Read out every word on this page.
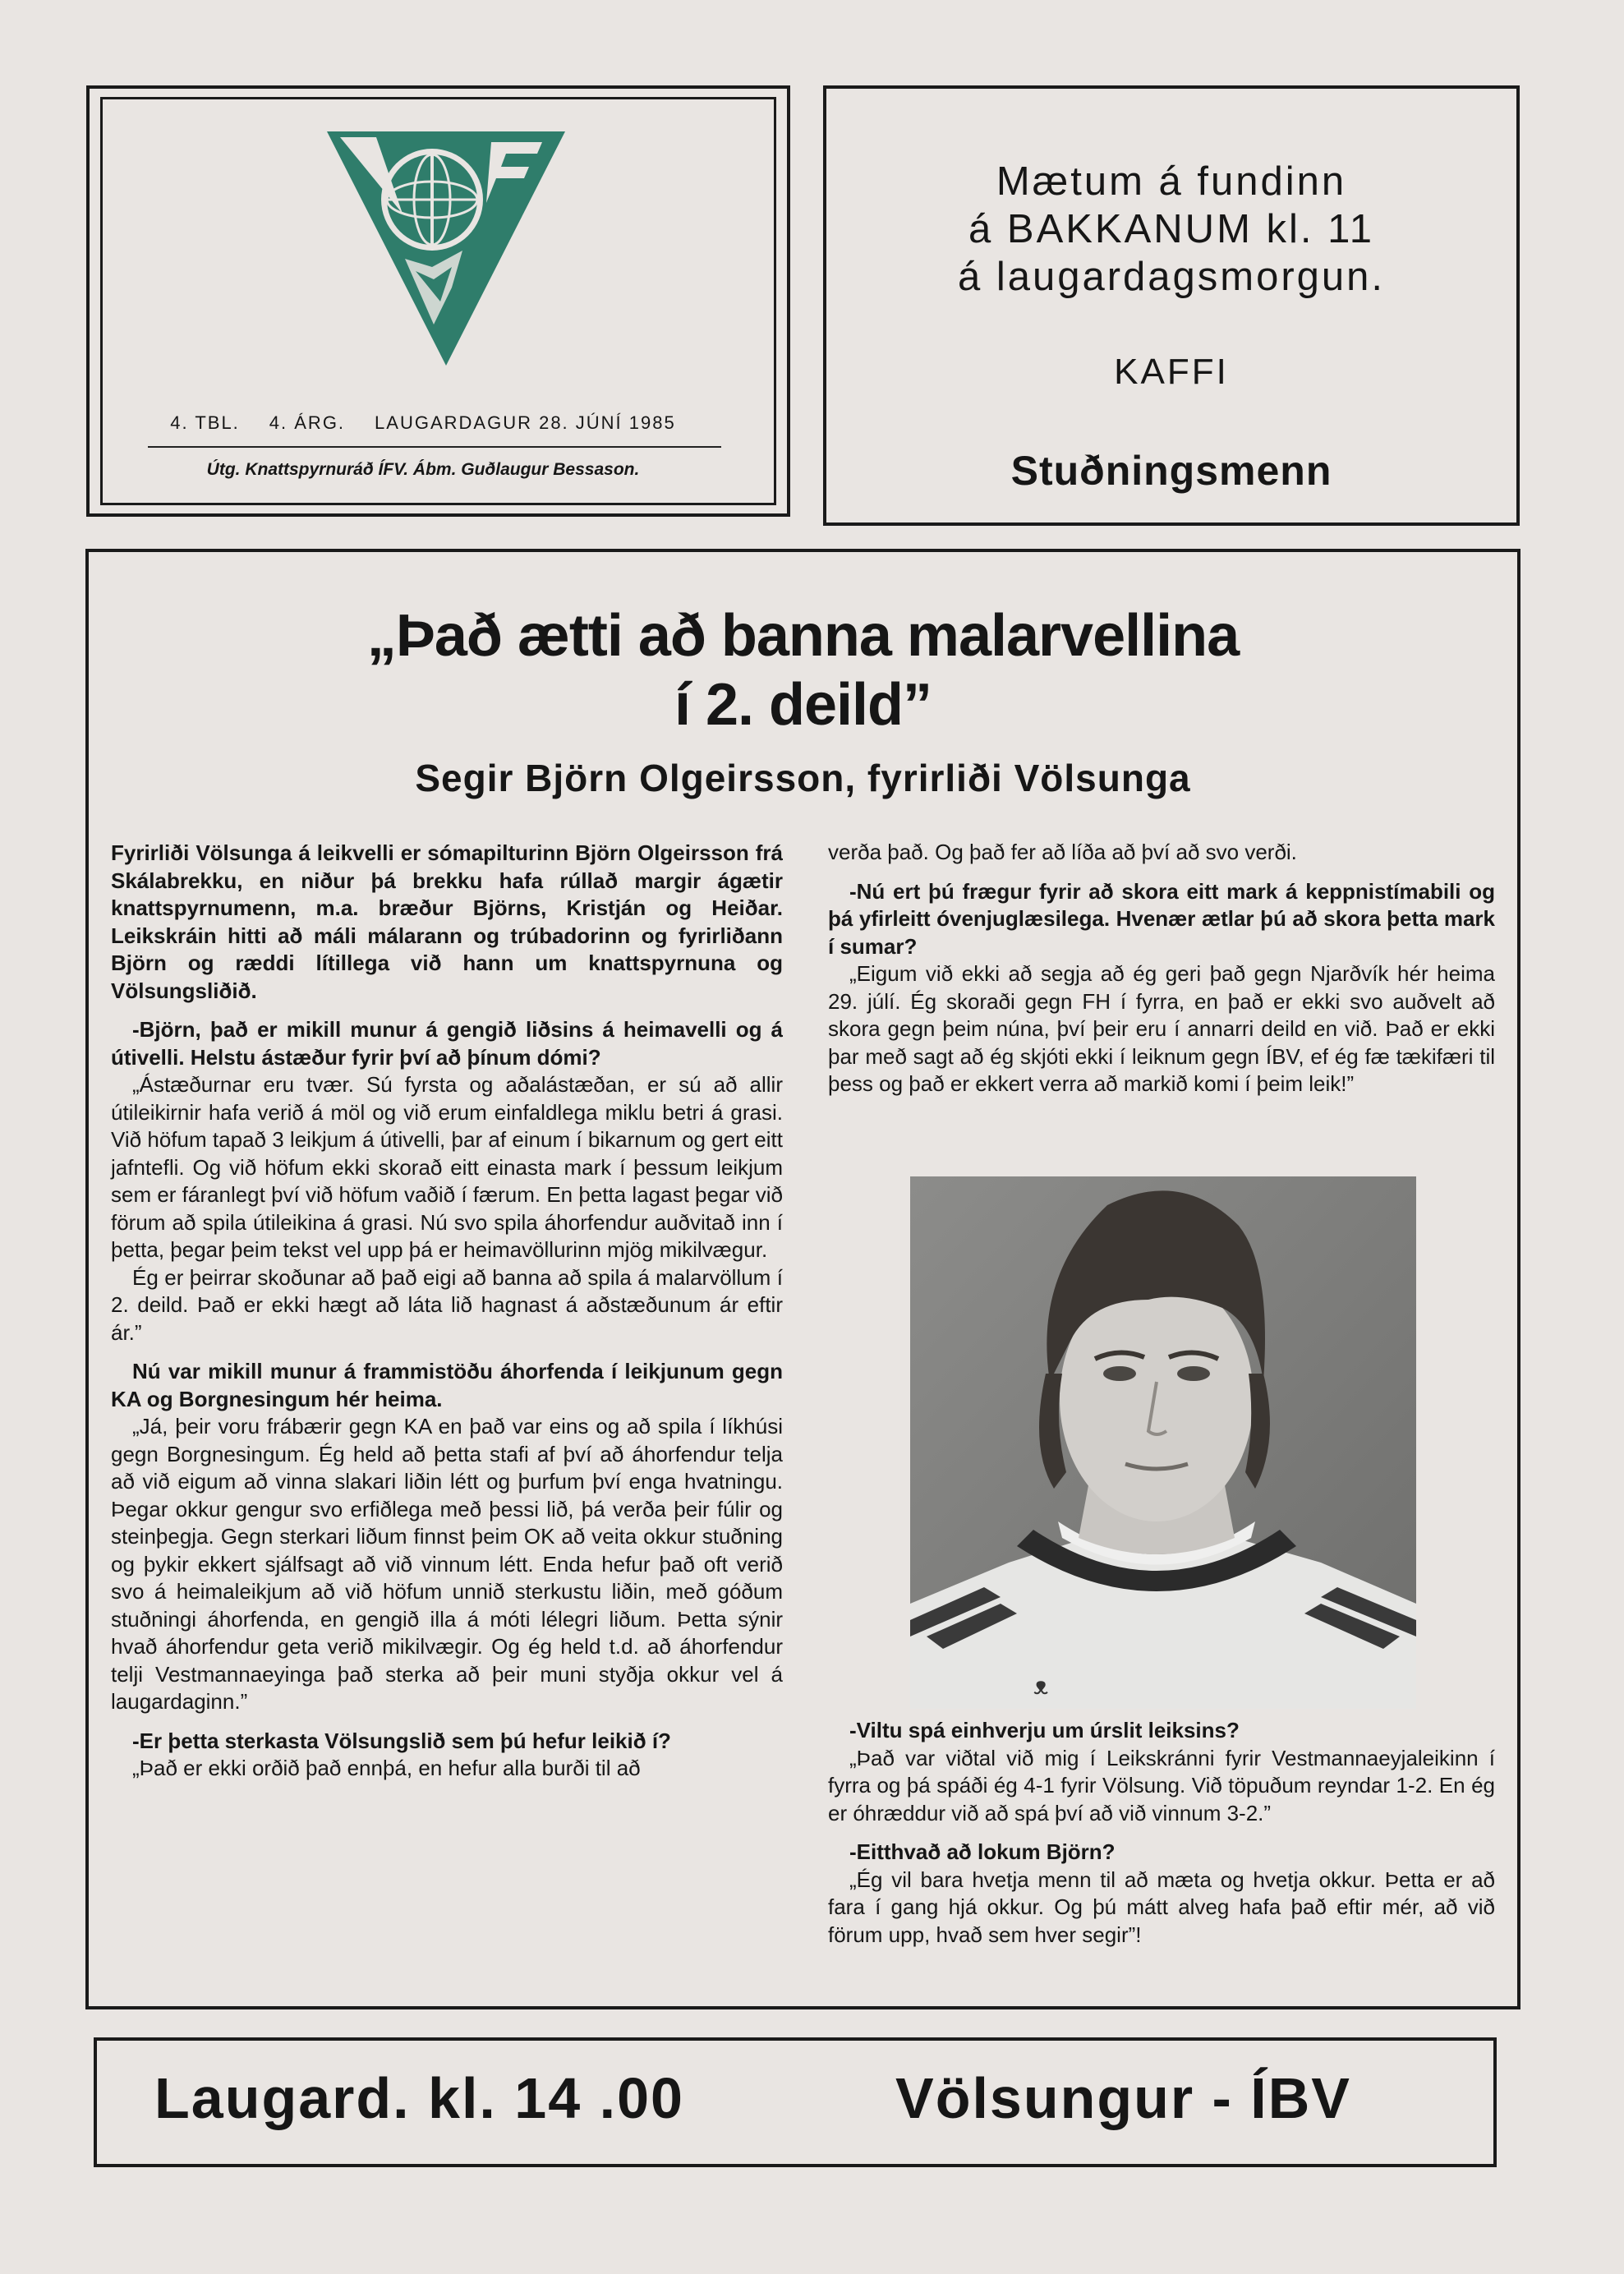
4. TBL. 4. ÁRG. LAUGARDAGUR 28. JÚNÍ 1985
Útg. Knattspyrnuráð ÍFV. Ábm. Guðlaugur Bessason.
Mætum á fundinn
á BAKKANUM kl. 11
á laugardagsmorgun.
KAFFI
Stuðningsmenn
„Það ætti að banna malarvellina
í 2. deild”
Segir Björn Olgeirsson, fyrirliði Völsunga

Fyrirliði Völsunga á leikvelli er sómapilturinn Björn Olgeirsson frá Skálabrekku, en niður þá brekku hafa rúllað margir ágætir knattspyrnumenn, m.a. bræður Björns, Kristján og Heiðar. Leikskráin hitti að máli málarann og trúbadorinn og fyrirliðann Björn og ræddi lítillega við hann um knattspyrnuna og Völsungsliðið.

-Björn, það er mikill munur á gengið liðsins á heimavelli og á útivelli. Helstu ástæður fyrir því að þínum dómi?

„Ástæðurnar eru tvær. Sú fyrsta og aðalástæðan, er sú að allir útileikirnir hafa verið á möl og við erum einfaldlega miklu betri á grasi. Við höfum tapað 3 leikjum á útivelli, þar af einum í bikarnum og gert eitt jafntefli. Og við höfum ekki skorað eitt einasta mark í þessum leikjum sem er fáranlegt því við höfum vaðið í færum. En þetta lagast þegar við förum að spila útileikina á grasi. Nú svo spila áhorfendur auðvitað inn í þetta, þegar þeim tekst vel upp þá er heimavöllurinn mjög mikilvægur.

Ég er þeirrar skoðunar að það eigi að banna að spila á malarvöllum í 2. deild. Það er ekki hægt að láta lið hagnast á aðstæðunum ár eftir ár.”

Nú var mikill munur á frammistöðu áhorfenda í leikjunum gegn KA og Borgnesingum hér heima.

„Já, þeir voru frábærir gegn KA en það var eins og að spila í líkhúsi gegn Borgnesingum. Ég held að þetta stafi af því að áhorfendur telja að við eigum að vinna slakari liðin létt og þurfum því enga hvatningu. Þegar okkur gengur svo erfiðlega með þessi lið, þá verða þeir fúlir og steinþegja. Gegn sterkari liðum finnst þeim OK að veita okkur stuðning og þykir ekkert sjálfsagt að við vinnum létt. Enda hefur það oft verið svo á heimaleikjum að við höfum unnið sterkustu liðin, með góðum stuðningi áhorfenda, en gengið illa á móti lélegri liðum. Þetta sýnir hvað áhorfendur geta verið mikilvægir. Og ég held t.d. að áhorfendur telji Vestmannaeyinga það sterka að þeir muni styðja okkur vel á laugardaginn.”

-Er þetta sterkasta Völsungslið sem þú hefur leikið í?

„Það er ekki orðið það ennþá, en hefur alla burði til að

verða það. Og það fer að líða að því að svo verði.

-Nú ert þú frægur fyrir að skora eitt mark á keppnistímabili og þá yfirleitt óvenjuglæsilega. Hvenær ætlar þú að skora þetta mark í sumar?

„Eigum við ekki að segja að ég geri það gegn Njarðvík hér heima 29. júlí. Ég skoraði gegn FH í fyrra, en það er ekki svo auðvelt að skora gegn þeim núna, því þeir eru í annarri deild en við. Það er ekki þar með sagt að ég skjóti ekki í leiknum gegn ÍBV, ef ég fæ tækifæri til þess og það er ekkert verra að markið komi í þeim leik!”

ᴥ

-Viltu spá einhverju um úrslit leiksins?

„Það var viðtal við mig í Leikskránni fyrir Vestmannaeyjaleikinn í fyrra og þá spáði ég 4-1 fyrir Völsung. Við töpuðum reyndar 1-2. En ég er óhræddur við að spá því að við vinnum 3-2.”

-Eitthvað að lokum Björn?

„Ég vil bara hvetja menn til að mæta og hvetja okkur. Þetta er að fara í gang hjá okkur. Og þú mátt alveg hafa það eftir mér, að við förum upp, hvað sem hver segir”!

Laugard. kl. 14 .00	Völsungur - ÍBV
